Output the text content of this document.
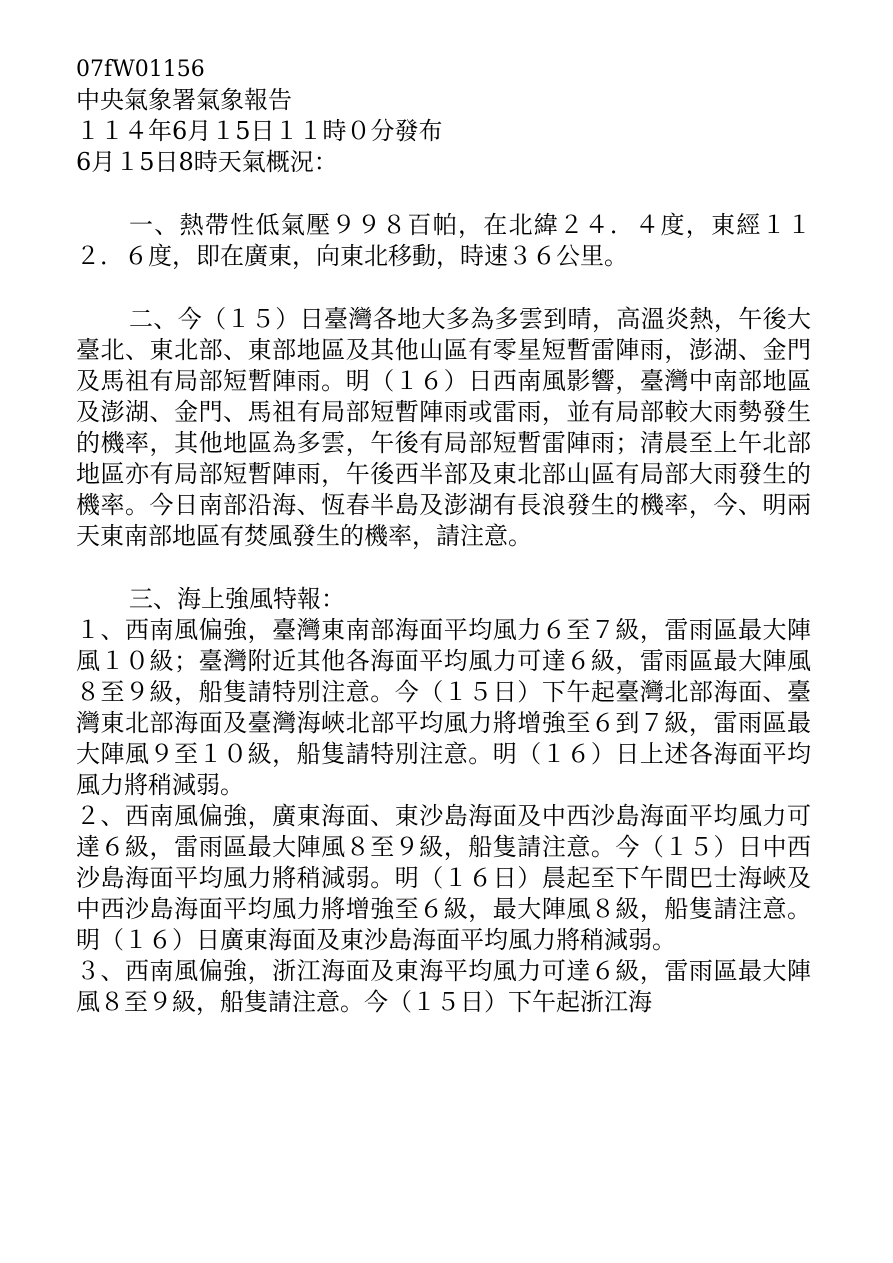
07fW01156
中央氣象署氣象報告
１１４年6月１5日１１時０分發布
6月１5日8時天氣概況：

一、熱帶性低氣壓９９８百帕，在北緯２４．４度，東經１１２．６度，即在廣東，向東北移動，時速３６公里。

二、今（１５）日臺灣各地大多為多雲到晴，高溫炎熱，午後大臺北、東北部、東部地區及其他山區有零星短暫雷陣雨，澎湖、金門及馬祖有局部短暫陣雨。明（１６）日西南風影響，臺灣中南部地區及澎湖、金門、馬祖有局部短暫陣雨或雷雨，並有局部較大雨勢發生的機率，其他地區為多雲，午後有局部短暫雷陣雨；清晨至上午北部地區亦有局部短暫陣雨，午後西半部及東北部山區有局部大雨發生的機率。今日南部沿海、恆春半島及澎湖有長浪發生的機率，今、明兩天東南部地區有焚風發生的機率，請注意。

三、海上強風特報：

１、西南風偏強，臺灣東南部海面平均風力６至７級，雷雨區最大陣風１０級；臺灣附近其他各海面平均風力可達６級，雷雨區最大陣風８至９級，船隻請特別注意。今（１５日）下午起臺灣北部海面、臺灣東北部海面及臺灣海峽北部平均風力將增強至６到７級，雷雨區最大陣風９至１０級，船隻請特別注意。明（１６）日上述各海面平均風力將稍減弱。

２、西南風偏強，廣東海面、東沙島海面及中西沙島海面平均風力可達６級，雷雨區最大陣風８至９級，船隻請注意。今（１５）日中西沙島海面平均風力將稍減弱。明（１６日）晨起至下午間巴士海峽及中西沙島海面平均風力將增強至６級，最大陣風８級，船隻請注意。明（１６）日廣東海面及東沙島海面平均風力將稍減弱。

３、西南風偏強，浙江海面及東海平均風力可達６級，雷雨區最大陣風８至９級，船隻請注意。今（１５日）下午起浙江海
